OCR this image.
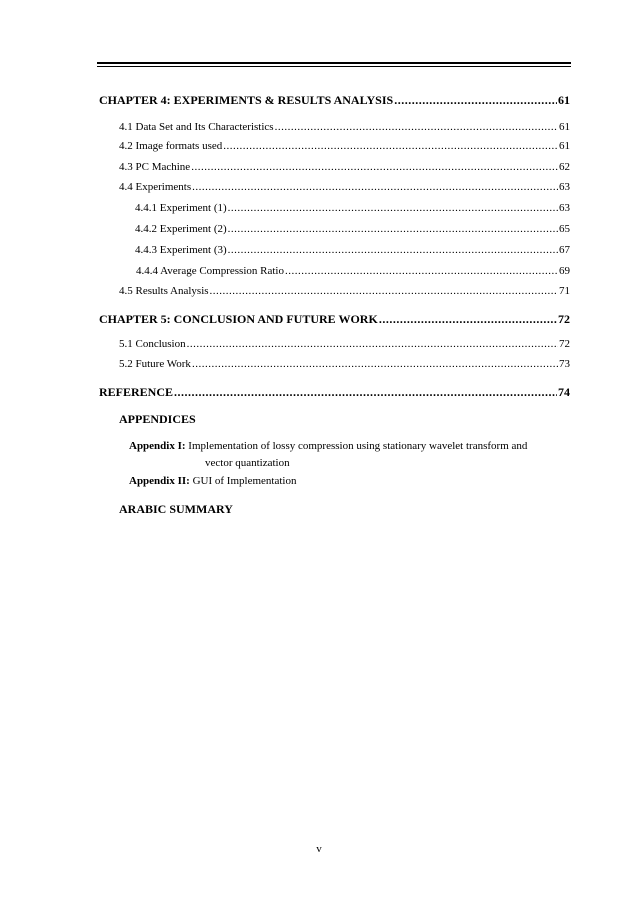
CHAPTER 4: EXPERIMENTS & RESULTS ANALYSIS .....	61
4.1 Data Set and Its Characteristics .....	61
4.2 Image formats used .....	61
4.3 PC Machine .....	62
4.4 Experiments .....	63
4.4.1 Experiment (1) .....	63
4.4.2 Experiment (2) .....	65
4.4.3 Experiment (3) .....	67
4.4.4 Average Compression Ratio .....	69
4.5 Results Analysis .....	71
CHAPTER 5: CONCLUSION AND FUTURE WORK .....	72
5.1 Conclusion .....	72
5.2 Future Work .....	73
REFERENCE .....	74
APPENDICES
Appendix I: Implementation of lossy compression using stationary wavelet transform and
vector quantization
Appendix II: GUI of Implementation
ARABIC SUMMARY
v
